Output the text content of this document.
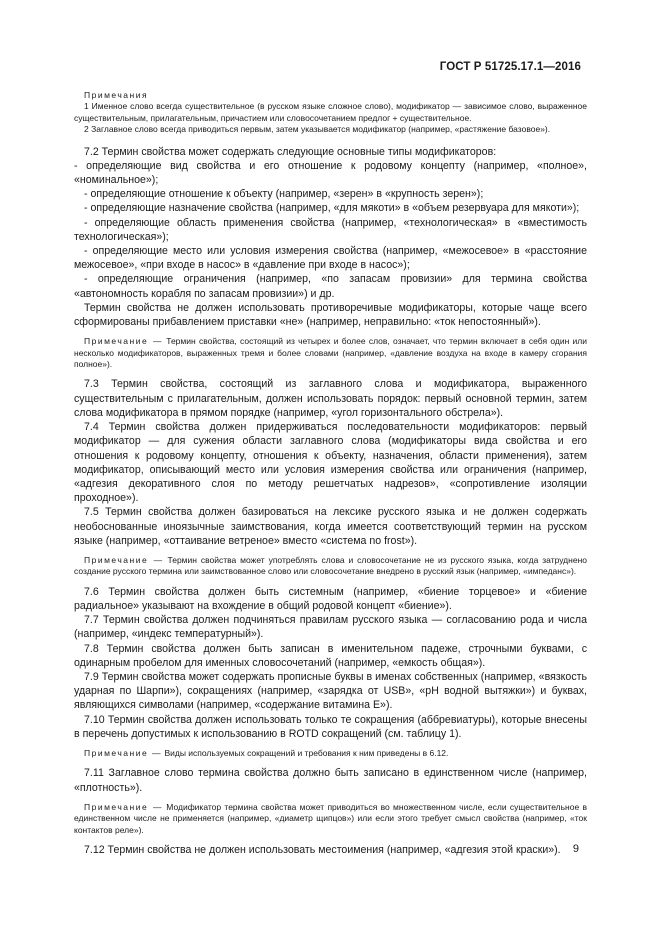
ГОСТ Р 51725.17.1—2016

Примечания

1 Именное слово всегда существительное (в русском языке сложное слово), модификатор — зависимое слово, выраженное существительным, прилагательным, причастием или словосочетанием предлог + существительное.

2 Заглавное слово всегда приводиться первым, затем указывается модификатор (например, «растяжение базовое»).

7.2 Термин свойства может содержать следующие основные типы модификаторов:

- определяющие вид свойства и его отношение к родовому концепту (например, «полное», «номинальное»);

- определяющие отношение к объекту (например, «зерен» в «крупность зерен»);

- определяющие назначение свойства (например, «для мякоти» в «объем резервуара для мякоти»);

- определяющие область применения свойства (например, «технологическая» в «вместимость технологическая»);

- определяющие место или условия измерения свойства (например, «межосевое» в «расстояние межосевое», «при входе в насос» в «давление при входе в насос»);

- определяющие ограничения (например, «по запасам провизии» для термина свойства «автономность корабля по запасам провизии») и др.

Термин свойства не должен использовать противоречивые модификаторы, которые чаще всего сформированы прибавлением приставки «не» (например, неправильно: «ток непостоянный»).

Примечание — Термин свойства, состоящий из четырех и более слов, означает, что термин включает в себя один или несколько модификаторов, выраженных тремя и более словами (например, «давление воздуха на входе в камеру сгорания полное»).

7.3 Термин свойства, состоящий из заглавного слова и модификатора, выраженного существительным с прилагательным, должен использовать порядок: первый основной термин, затем слова модификатора в прямом порядке (например, «угол горизонтального обстрела»).

7.4 Термин свойства должен придерживаться последовательности модификаторов: первый модификатор — для сужения области заглавного слова (модификаторы вида свойства и его отношения к родовому концепту, отношения к объекту, назначения, области применения), затем модификатор, описывающий место или условия измерения свойства или ограничения (например, «адгезия декоративного слоя по методу решетчатых надрезов», «сопротивление изоляции проходное»).

7.5 Термин свойства должен базироваться на лексике русского языка и не должен содержать необоснованные иноязычные заимствования, когда имеется соответствующий термин на русском языке (например, «оттаивание ветреное» вместо «система no frost»).

Примечание — Термин свойства может употреблять слова и словосочетание не из русского языка, когда затруднено создание русского термина или заимствованное слово или словосочетание внедрено в русский язык (например, «импеданс»).

7.6 Термин свойства должен быть системным (например, «биение торцевое» и «биение радиальное» указывают на вхождение в общий родовой концепт «биение»).

7.7 Термин свойства должен подчиняться правилам русского языка — согласованию рода и числа (например, «индекс температурный»).

7.8 Термин свойства должен быть записан в именительном падеже, строчными буквами, с одинарным пробелом для именных словосочетаний (например, «емкость общая»).

7.9 Термин свойства может содержать прописные буквы в именах собственных (например, «вязкость ударная по Шарпи»), сокращениях (например, «зарядка от USB», «pH водной вытяжки») и буквах, являющихся символами (например, «содержание витамина Е»).

7.10 Термин свойства должен использовать только те сокращения (аббревиатуры), которые внесены в перечень допустимых к использованию в ROTD сокращений (см. таблицу 1).

Примечание — Виды используемых сокращений и требования к ним приведены в 6.12.

7.11 Заглавное слово термина свойства должно быть записано в единственном числе (например, «плотность»).

Примечание — Модификатор термина свойства может приводиться во множественном числе, если существительное в единственном числе не применяется (например, «диаметр щипцов») или если этого требует смысл свойства (например, «ток контактов реле»).

7.12 Термин свойства не должен использовать местоимения (например, «адгезия этой краски»).	9
